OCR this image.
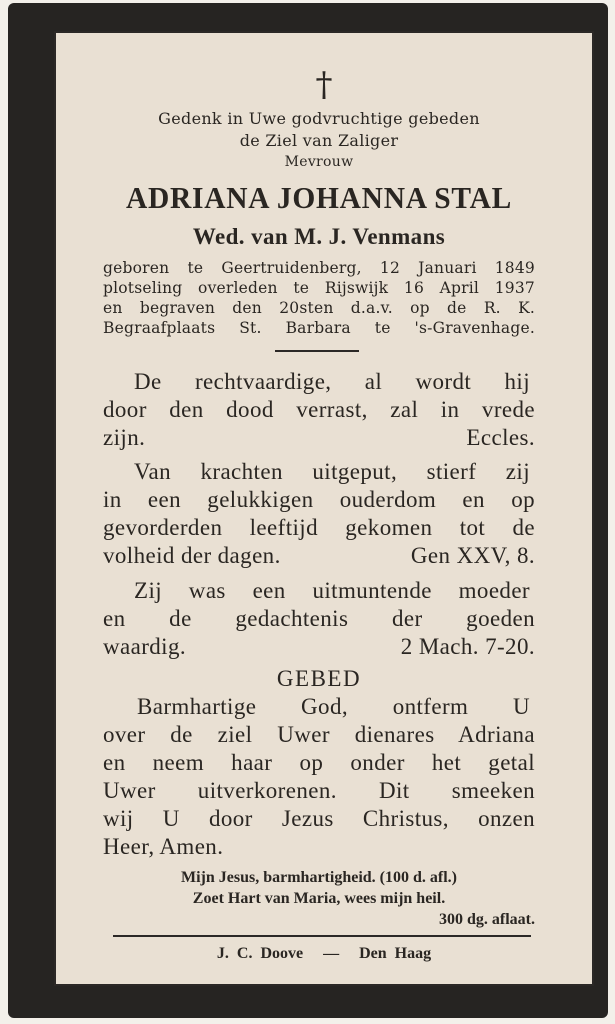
†
Gedenk in Uwe godvruchtige gebeden
de Ziel van Zaliger
Mevrouw
ADRIANA JOHANNA STAL
Wed. van M. J. Venmans
geboren te Geertruidenberg, 12 Januari 1849
plotseling overleden te Rijswijk 16 April 1937
en begraven den 20sten d.a.v. op de R. K.
Begraafplaats St. Barbara te 's-Gravenhage.
De rechtvaardige, al wordt hij
door den dood verrast, zal in vrede
zijn.	Eccles.
Van krachten uitgeput, stierf zij
in een gelukkigen ouderdom en op
gevorderden leeftijd gekomen tot de
volheid der dagen.	Gen XXV, 8.
Zij was een uitmuntende moeder
en de gedachtenis der goeden
waardig.	2 Mach. 7-20.
GEBED
Barmhartige God, ontferm U
over de ziel Uwer dienares Adriana
en neem haar op onder het getal
Uwer uitverkorenen. Dit smeeken
wij U door Jezus Christus, onzen
Heer, Amen.
Mijn Jesus, barmhartigheid. (100 d. afl.)
Zoet Hart van Maria, wees mijn heil.
300 dg. aflaat.
J. C. Doove — Den Haag
